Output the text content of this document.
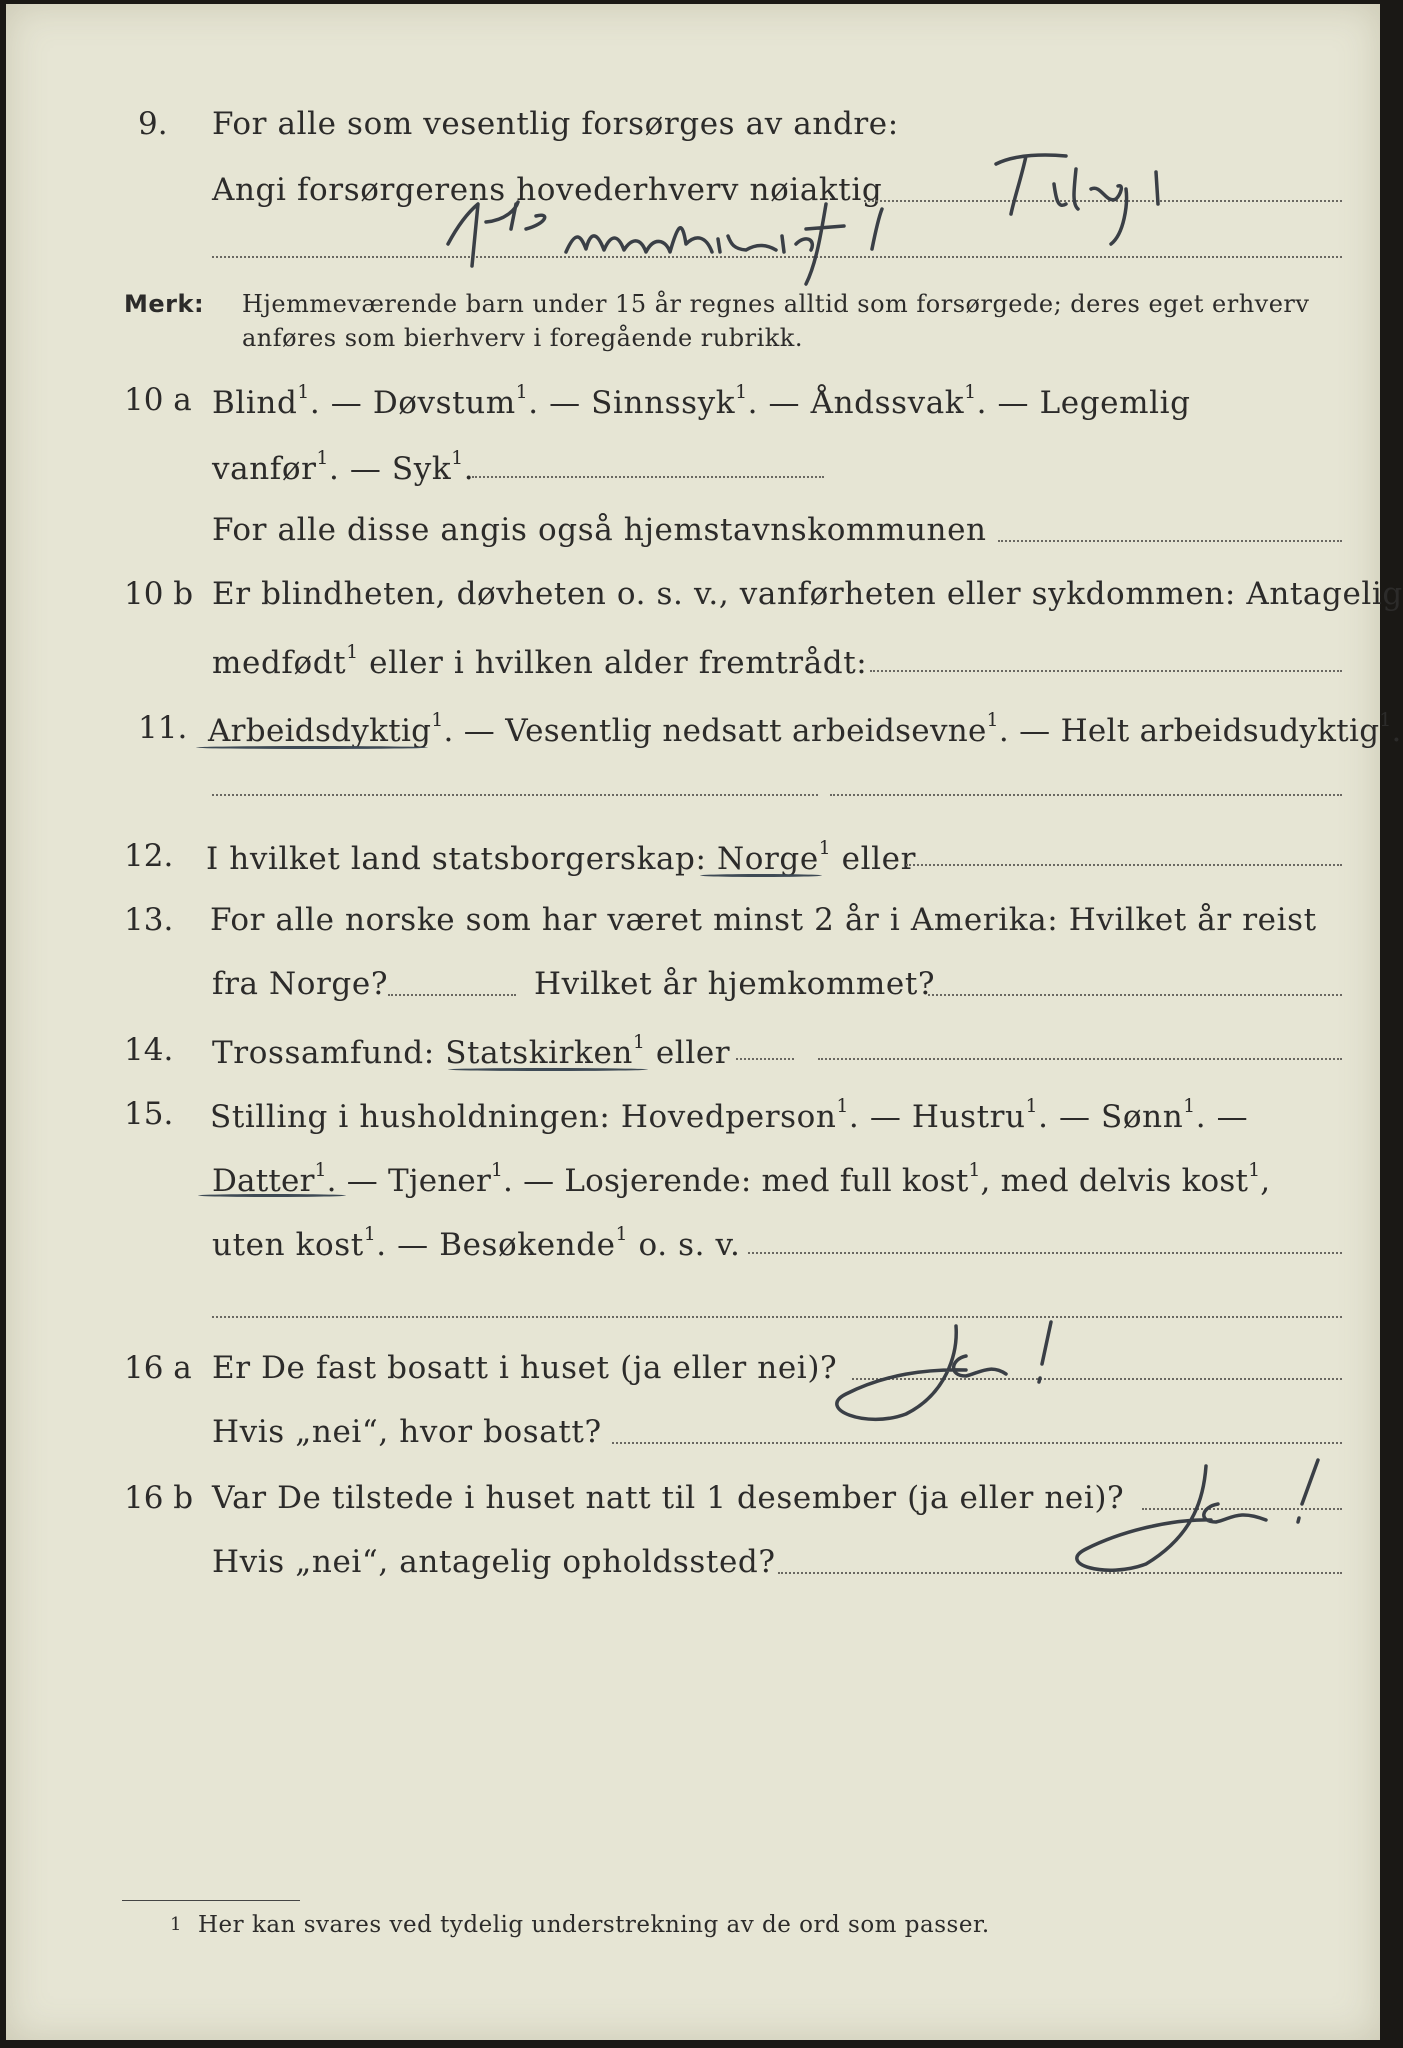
9. For alle som vesentlig forsørges av andre:
Angi forsørgerens hovederhverv nøiaktig
Merk: Hjemmeværende barn under 15 år regnes alltid som forsørgede; deres eget erhverv
anføres som bierhverv i foregående rubrikk.
10 a Blind$^1$. — Døvstum$^1$. — Sinnssyk$^1$. — Åndssvak$^1$. — Legemlig
vanfør$^1$. — Syk$^1$.
For alle disse angis også hjemstavnskommunen
10 b Er blindheten, døvheten o. s. v., vanførheten eller sykdommen: Antagelig
medfødt$^1$ eller i hvilken alder fremtrådt:
11. Arbeidsdyktig$^1$. — Vesentlig nedsatt arbeidsevne$^1$. — Helt arbeidsudyktig$^1$.
12. I hvilket land statsborgerskap: Norge$^1$ eller
13. For alle norske som har været minst 2 år i Amerika: Hvilket år reist
fra Norge?	Hvilket år hjemkommet?
14. Trossamfund: Statskirken$^1$ eller
15. Stilling i husholdningen: Hovedperson$^1$. — Hustru$^1$. — Sønn$^1$. —
Datter$^1$. — Tjener$^1$. — Losjerende: med full kost$^1$, med delvis kost$^1$,
uten kost$^1$. — Besøkende$^1$ o. s. v.
16 a Er De fast bosatt i huset (ja eller nei)?
Hvis „nei“, hvor bosatt?
16 b Var De tilstede i huset natt til 1 desember (ja eller nei)?
Hvis „nei“, antagelig opholdssted?
1 Her kan svares ved tydelig understrekning av de ord som passer.
